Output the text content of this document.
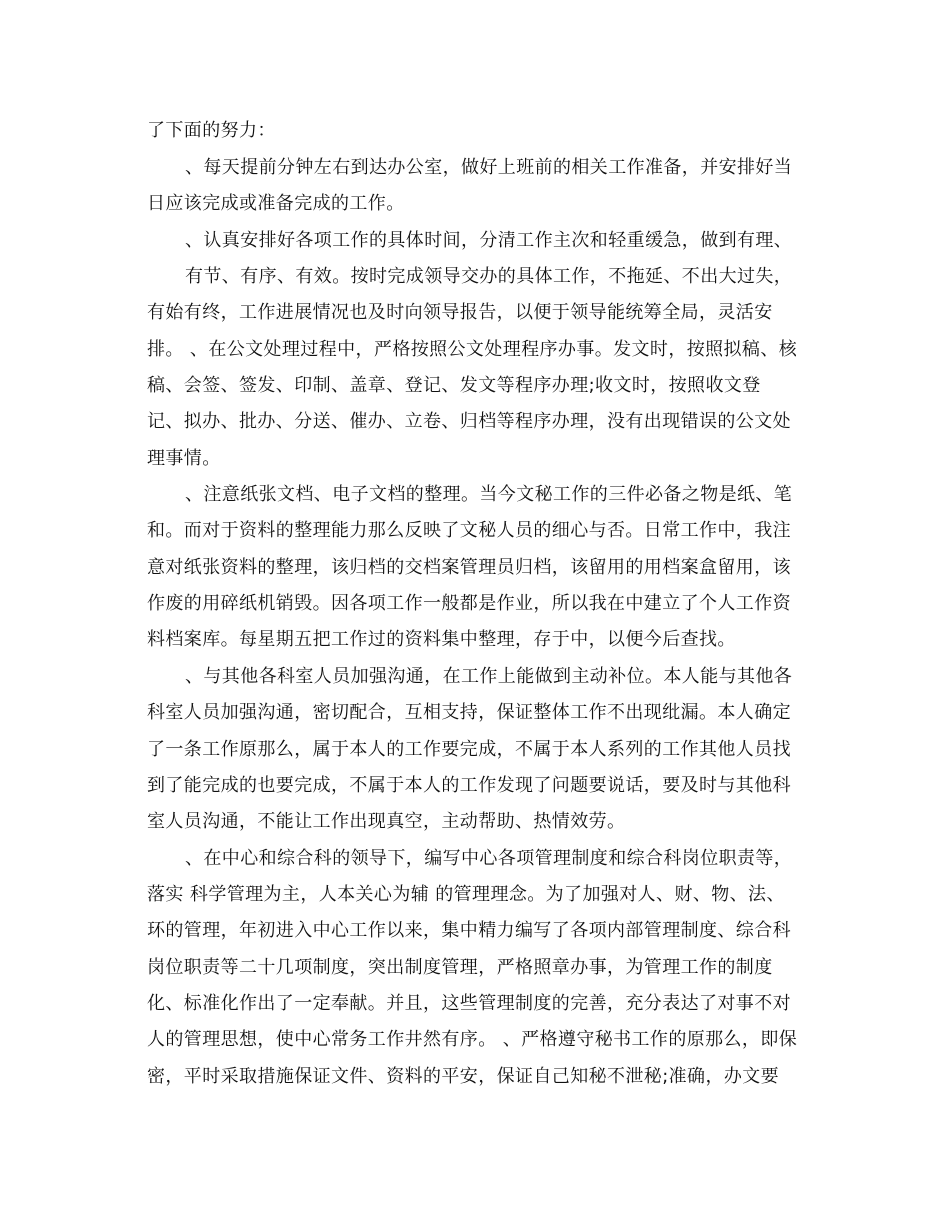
了下面的努力：
、每天提前分钟左右到达办公室，做好上班前的相关工作准备，并安排好当
日应该完成或准备完成的工作。
、认真安排好各项工作的具体时间，分清工作主次和轻重缓急，做到有理、
有节、有序、有效。按时完成领导交办的具体工作，不拖延、不出大过失，
有始有终，工作进展情况也及时向领导报告，以便于领导能统筹全局，灵活安
排。 、在公文处理过程中，严格按照公文处理程序办事。发文时，按照拟稿、核
稿、会签、签发、印制、盖章、登记、发文等程序办理;收文时，按照收文登
记、拟办、批办、分送、催办、立卷、归档等程序办理，没有出现错误的公文处
理事情。
、注意纸张文档、电子文档的整理。当今文秘工作的三件必备之物是纸、笔
和。而对于资料的整理能力那么反映了文秘人员的细心与否。日常工作中，我注
意对纸张资料的整理，该归档的交档案管理员归档，该留用的用档案盒留用，该
作废的用碎纸机销毁。因各项工作一般都是作业，所以我在中建立了个人工作资
料档案库。每星期五把工作过的资料集中整理，存于中，以便今后查找。
、与其他各科室人员加强沟通，在工作上能做到主动补位。本人能与其他各
科室人员加强沟通，密切配合，互相支持，保证整体工作不出现纰漏。本人确定
了一条工作原那么，属于本人的工作要完成，不属于本人系列的工作其他人员找
到了能完成的也要完成，不属于本人的工作发现了问题要说话，要及时与其他科
室人员沟通，不能让工作出现真空，主动帮助、热情效劳。
、在中心和综合科的领导下，编写中心各项管理制度和综合科岗位职责等，
落实 科学管理为主，人本关心为辅 的管理理念。为了加强对人、财、物、法、
环的管理，年初进入中心工作以来，集中精力编写了各项内部管理制度、综合科
岗位职责等二十几项制度，突出制度管理，严格照章办事，为管理工作的制度
化、标准化作出了一定奉献。并且，这些管理制度的完善，充分表达了对事不对
人的管理思想，使中心常务工作井然有序。 、严格遵守秘书工作的原那么，即保
密，平时采取措施保证文件、资料的平安，保证自己知秘不泄秘;准确，办文要
